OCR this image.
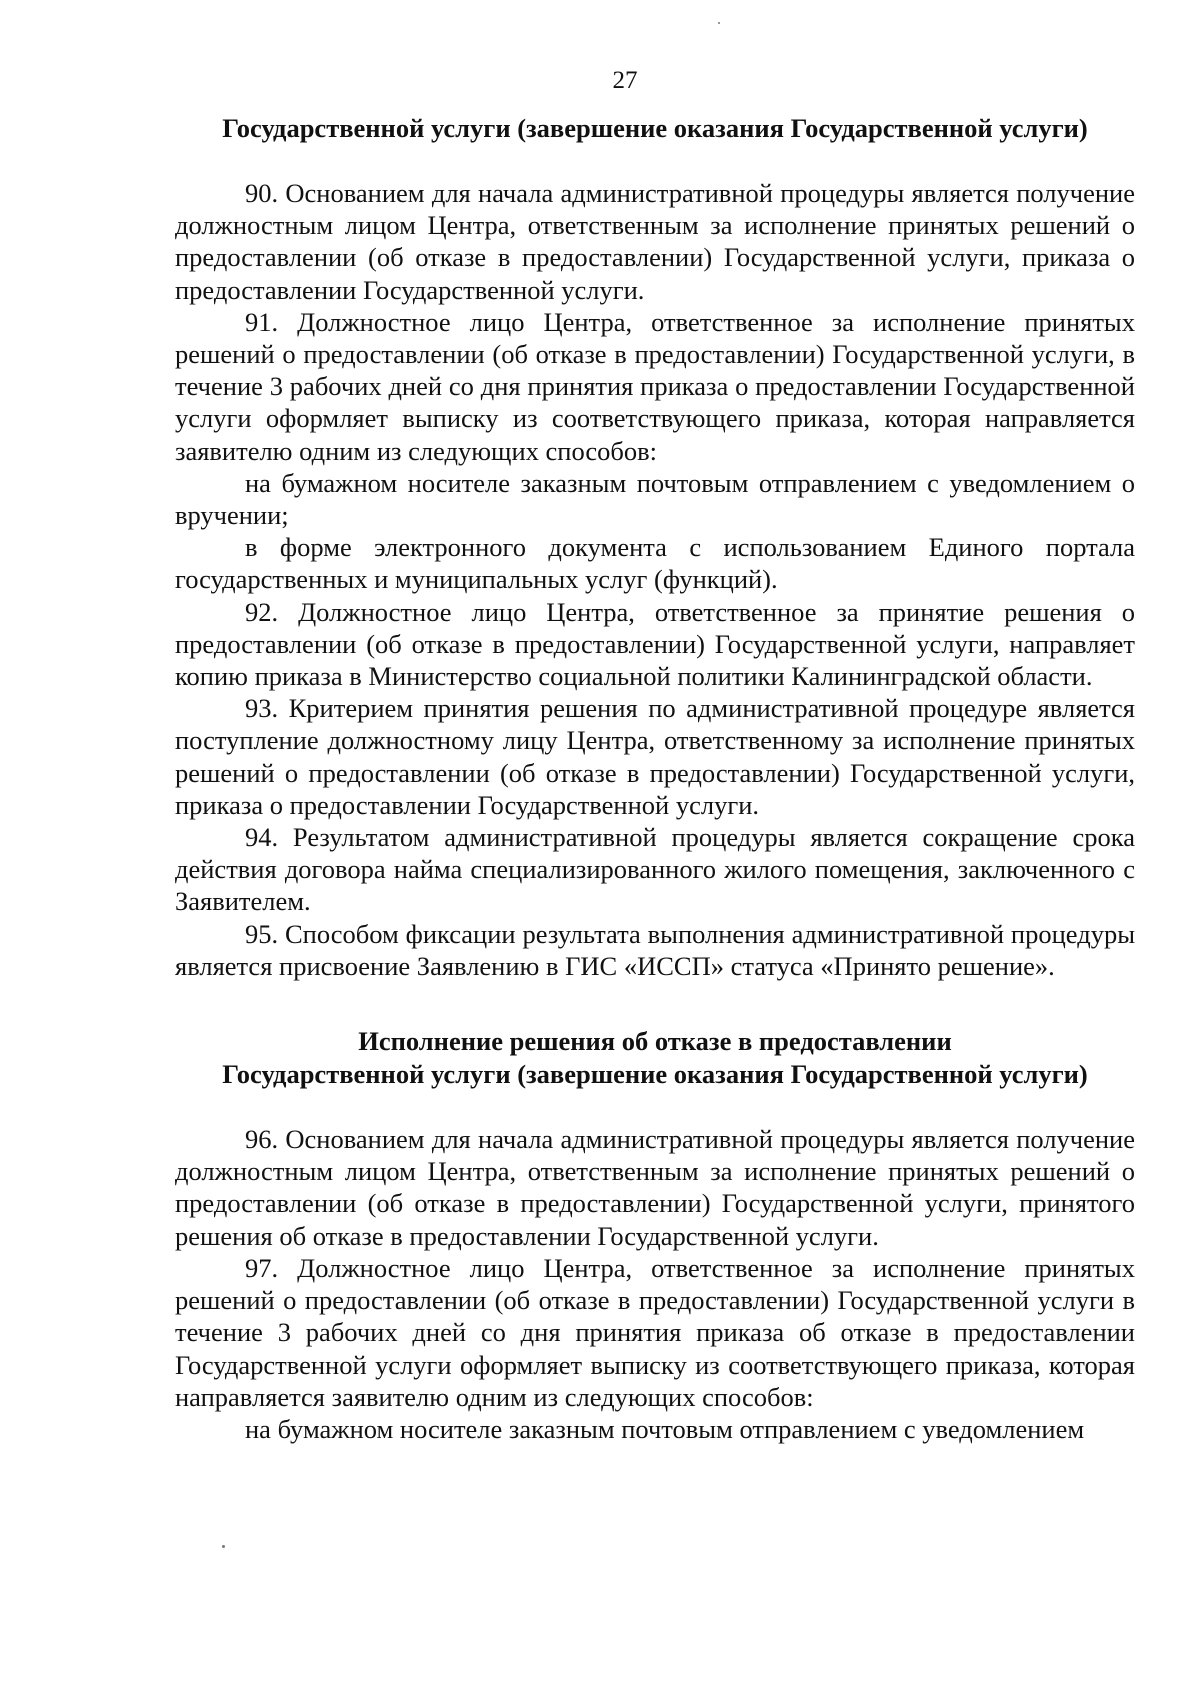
27
Государственной услуги (завершение оказания Государственной услуги)

90. Основанием для начала административной процедуры является получение должностным лицом Центра, ответственным за исполнение принятых решений о предоставлении (об отказе в предоставлении) Государственной услуги, приказа о предоставлении Государственной услуги.

91. Должностное лицо Центра, ответственное за исполнение принятых решений о предоставлении (об отказе в предоставлении) Государственной услуги, в течение 3 рабочих дней со дня принятия приказа о предоставлении Государственной услуги оформляет выписку из соответствующего приказа, которая направляется заявителю одним из следующих способов:

на бумажном носителе заказным почтовым отправлением с уведомлением о вручении;

в форме электронного документа с использованием Единого портала государственных и муниципальных услуг (функций).

92. Должностное лицо Центра, ответственное за принятие решения о предоставлении (об отказе в предоставлении) Государственной услуги, направляет копию приказа в Министерство социальной политики Калининградской области.

93. Критерием принятия решения по административной процедуре является поступление должностному лицу Центра, ответственному за исполнение принятых решений о предоставлении (об отказе в предоставлении) Государственной услуги, приказа о предоставлении Государственной услуги.

94. Результатом административной процедуры является сокращение срока действия договора найма специализированного жилого помещения, заключенного с Заявителем.

95. Способом фиксации результата выполнения административной процедуры является присвоение Заявлению в ГИС «ИССП» статуса «Принято решение».

Исполнение решения об отказе в предоставлении
Государственной услуги (завершение оказания Государственной услуги)

96. Основанием для начала административной процедуры является получение должностным лицом Центра, ответственным за исполнение принятых решений о предоставлении (об отказе в предоставлении) Государственной услуги, принятого решения об отказе в предоставлении Государственной услуги.

97. Должностное лицо Центра, ответственное за исполнение принятых решений о предоставлении (об отказе в предоставлении) Государственной услуги в течение 3 рабочих дней со дня принятия приказа об отказе в предоставлении Государственной услуги оформляет выписку из соответствующего приказа, которая направляется заявителю одним из следующих способов:

на бумажном носителе заказным почтовым отправлением с уведомлением
